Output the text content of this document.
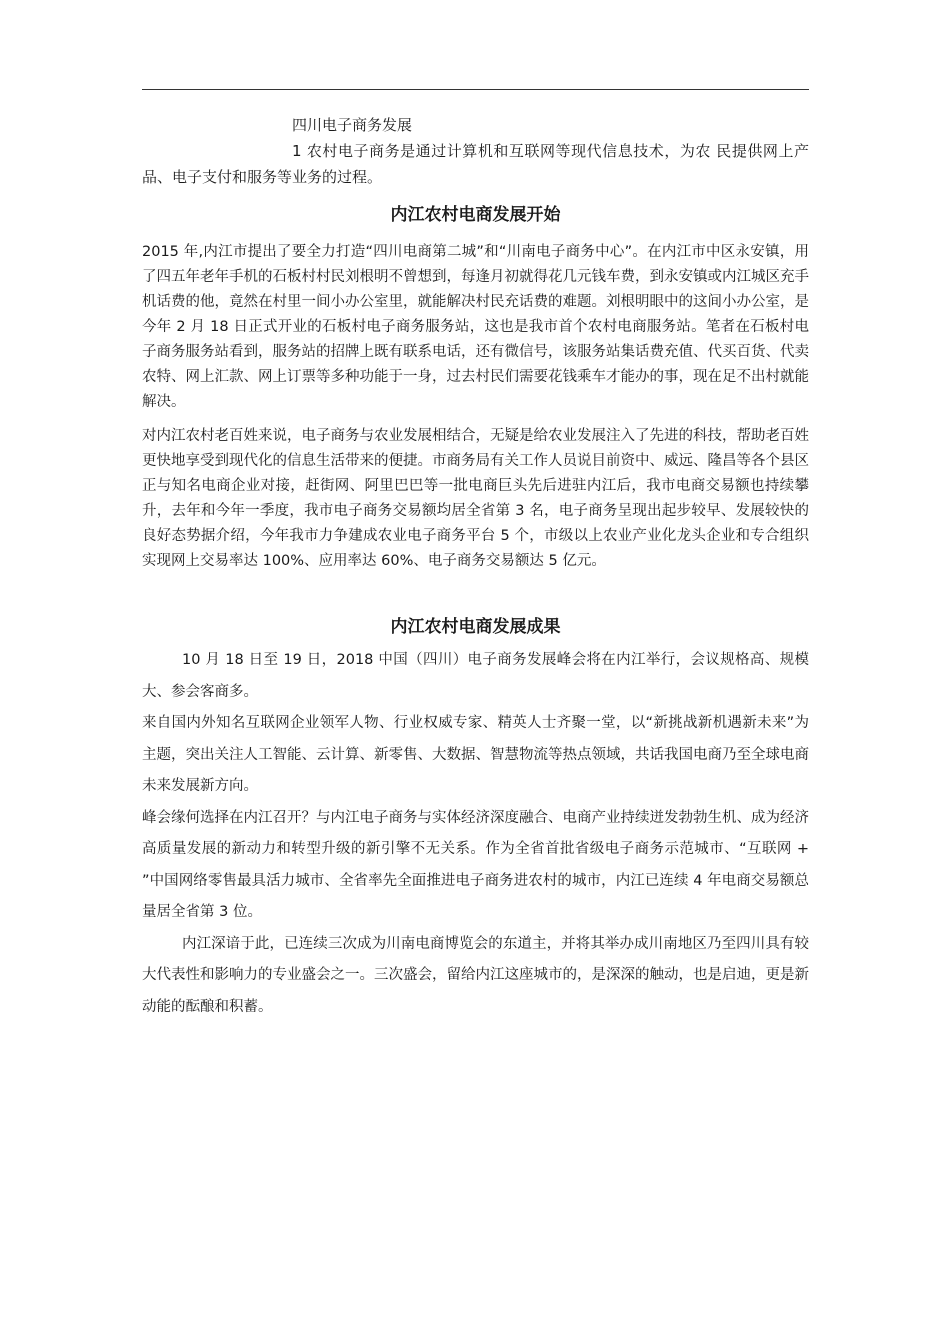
四川电子商务发展

1 农村电子商务是通过计算机和互联网等现代信息技术，为农 民提供网上产品、电子支付和服务等业务的过程。

内江农村电商发展开始

2015 年,内江市提出了要全力打造“四川电商第二城”和“川南电子商务中心”。在内江市中区永安镇，用了四五年老年手机的石板村村民刘根明不曾想到，每逢月初就得花几元钱车费，到永安镇或内江城区充手机话费的他，竟然在村里一间小办公室里，就能解决村民充话费的难题。刘根明眼中的这间小办公室，是今年 2 月 18 日正式开业的石板村电子商务服务站，这也是我市首个农村电商服务站。笔者在石板村电子商务服务站看到，服务站的招牌上既有联系电话，还有微信号，该服务站集话费充值、代买百货、代卖农特、网上汇款、网上订票等多种功能于一身，过去村民们需要花钱乘车才能办的事，现在足不出村就能解决。

对内江农村老百姓来说，电子商务与农业发展相结合，无疑是给农业发展注入了先进的科技，帮助老百姓更快地享受到现代化的信息生活带来的便捷。市商务局有关工作人员说目前资中、威远、隆昌等各个县区正与知名电商企业对接，赶街网、阿里巴巴等一批电商巨头先后进驻内江后，我市电商交易额也持续攀升，去年和今年一季度，我市电子商务交易额均居全省第 3 名，电子商务呈现出起步较早、发展较快的良好态势据介绍，今年我市力争建成农业电子商务平台 5 个，市级以上农业产业化龙头企业和专合组织实现网上交易率达 100%、应用率达 60%、电子商务交易额达 5 亿元。

内江农村电商发展成果

10 月 18 日至 19 日，2018 中国（四川）电子商务发展峰会将在内江举行，会议规格高、规模大、参会客商多。

来自国内外知名互联网企业领军人物、行业权威专家、精英人士齐聚一堂，以“新挑战新机遇新未来”为主题，突出关注人工智能、云计算、新零售、大数据、智慧物流等热点领域，共话我国电商乃至全球电商未来发展新方向。

峰会缘何选择在内江召开？与内江电子商务与实体经济深度融合、电商产业持续迸发勃勃生机、成为经济高质量发展的新动力和转型升级的新引擎不无关系。作为全省首批省级电子商务示范城市、“互联网 + ”中国网络零售最具活力城市、全省率先全面推进电子商务进农村的城市，内江已连续 4 年电商交易额总量居全省第 3 位。

内江深谙于此，已连续三次成为川南电商博览会的东道主，并将其举办成川南地区乃至四川具有较大代表性和影响力的专业盛会之一。三次盛会，留给内江这座城市的，是深深的触动，也是启迪，更是新动能的酝酿和积蓄。
